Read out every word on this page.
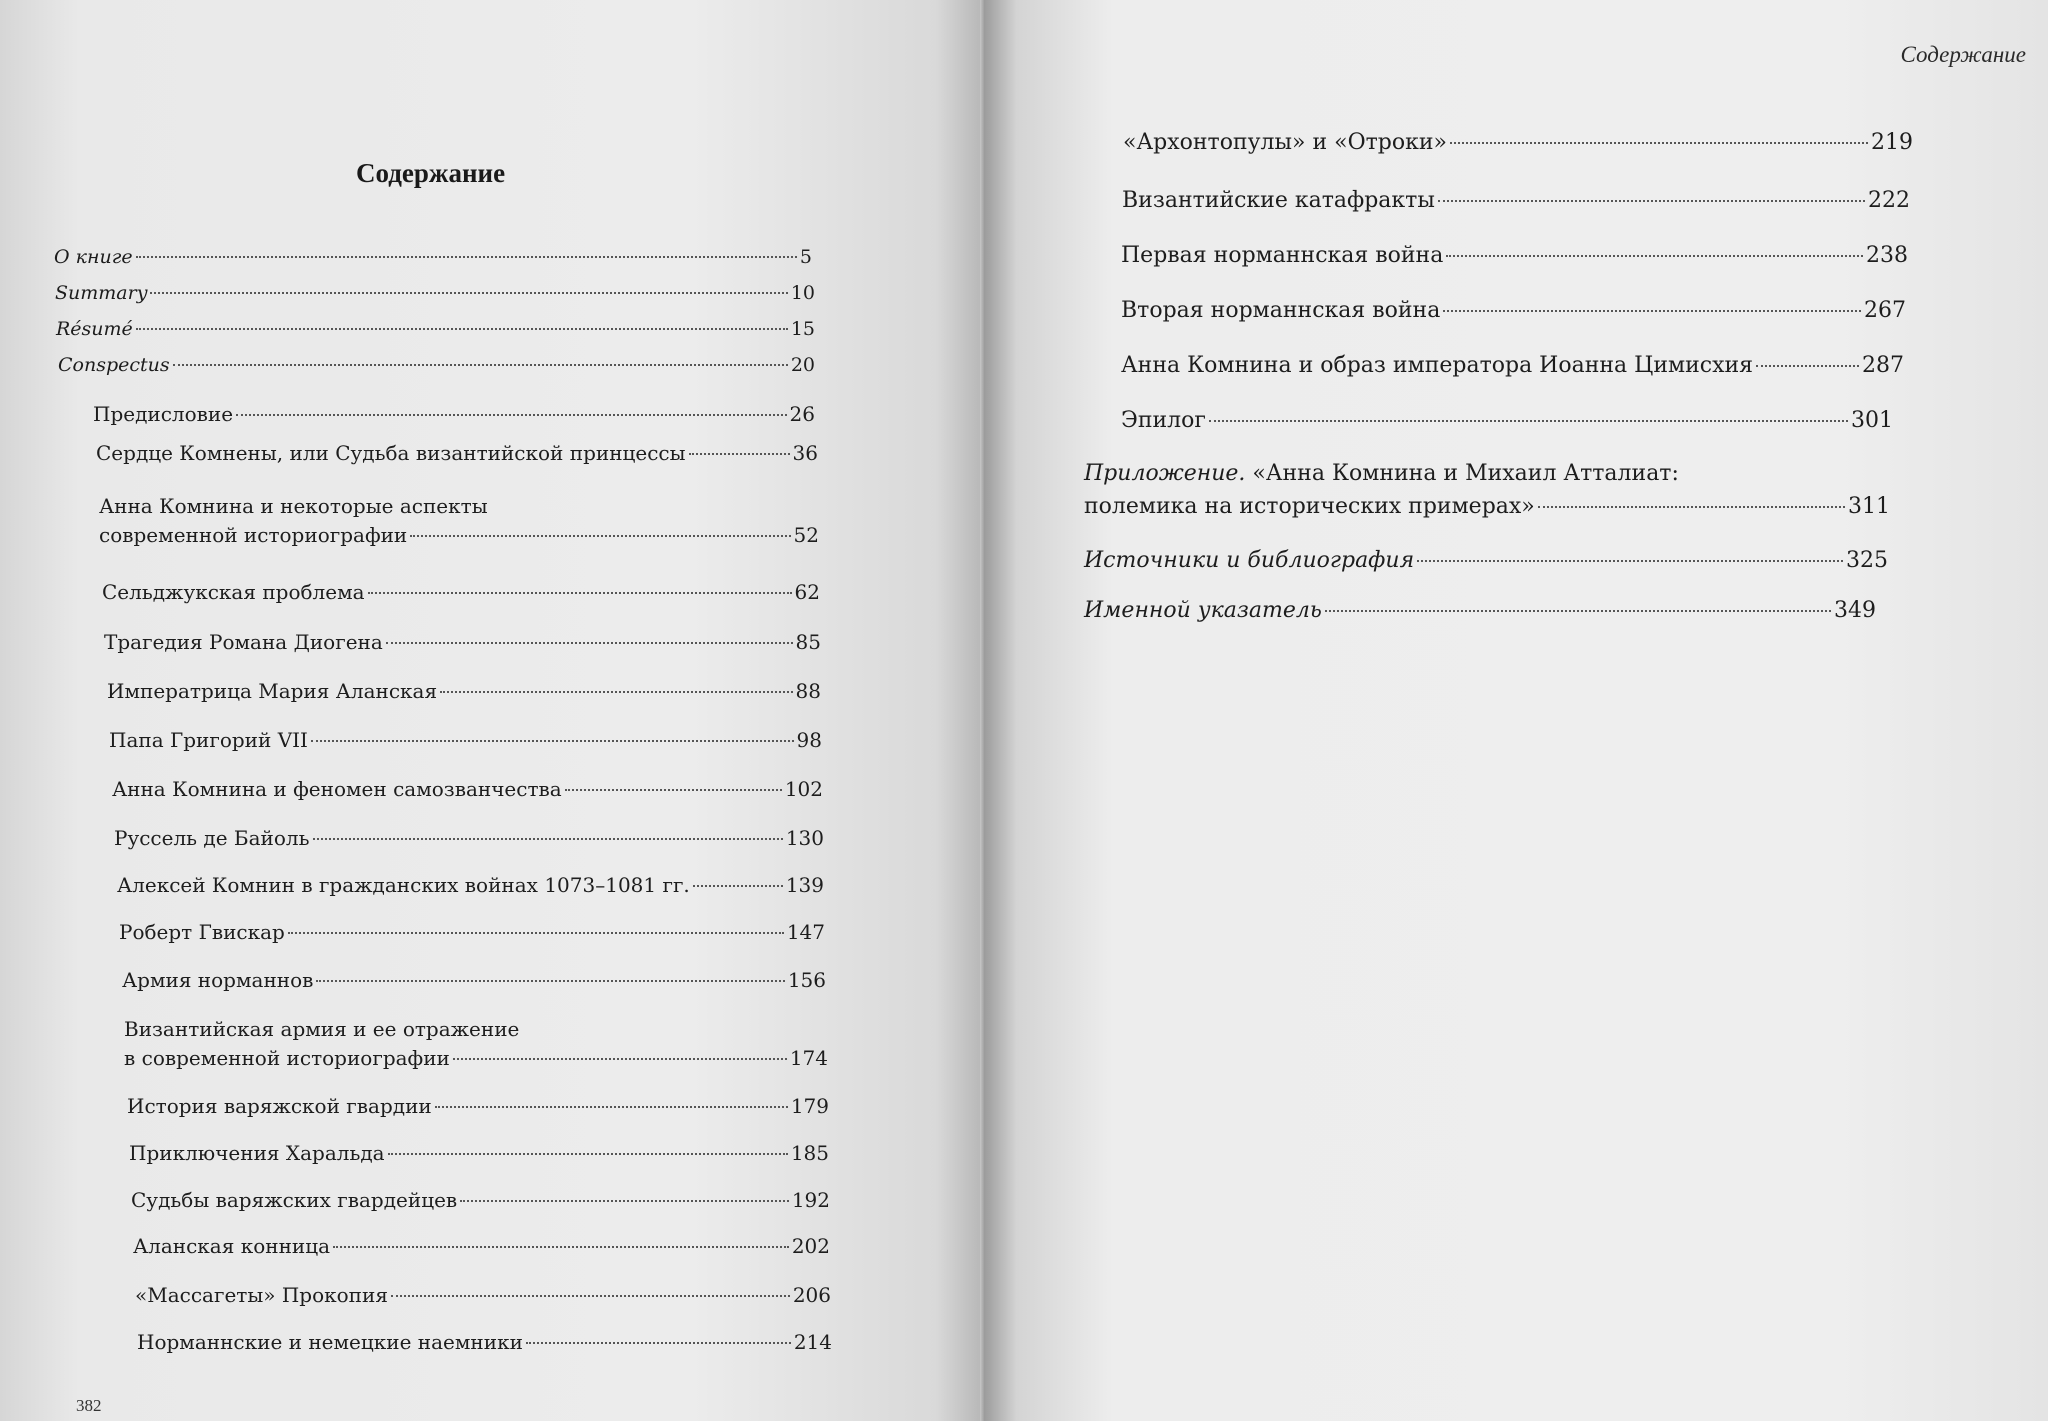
Содержание
О книге	5
Summary	10
Résumé	15
Conspectus	20
Предисловие	26
Сердце Комнены, или Судьба византийской принцессы	36
Анна Комнина и некоторые аспекты
современной историографии	52
Сельджукская проблема	62
Трагедия Романа Диогена	85
Императрица Мария Аланская	88
Папа Григорий VII	98
Анна Комнина и феномен самозванчества	102
Руссель де Байоль	130
Алексей Комнин в гражданских войнах 1073–1081 гг.	139
Роберт Гвискар	147
Армия норманнов	156
Византийская армия и ее отражение
в современной историографии	174
История варяжской гвардии	179
Приключения Харальда	185
Судьбы варяжских гвардейцев	192
Аланская конница	202
«Массагеты» Прокопия	206
Норманнские и немецкие наемники	214
382
Содержание
«Архонтопулы» и «Отроки»	219
Византийские катафракты	222
Первая норманнская война	238
Вторая норманнская война	267
Анна Комнина и образ императора Иоанна Цимисхия	287
Эпилог	301
Приложение. «Анна Комнина и Михаил Атталиат:
полемика на исторических примерах»	311
Источники и библиография	325
Именной указатель	349
